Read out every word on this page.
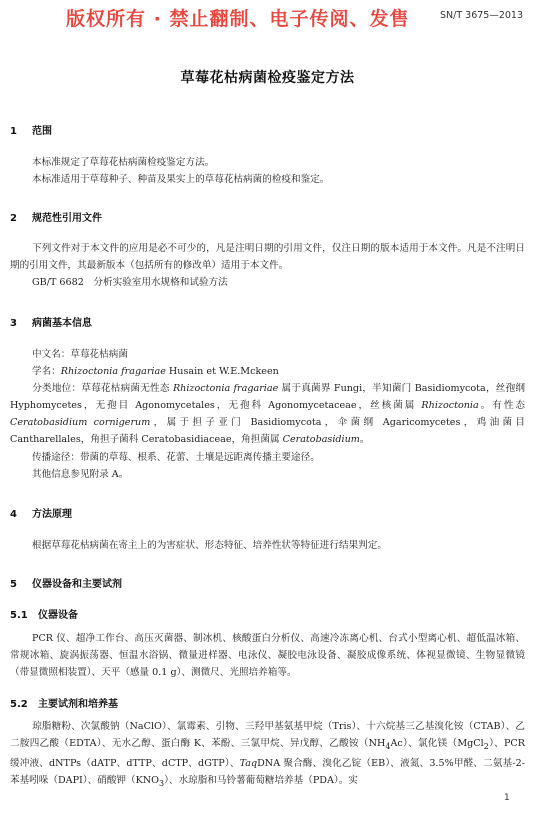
版权所有 · 禁止翻制、电子传阅、发售	SN/T 3675—2013
草莓花枯病菌检疫鉴定方法
1 范围
本标准规定了草莓花枯病菌检疫鉴定方法。
本标准适用于草莓种子、种苗及果实上的草莓花枯病菌的检疫和鉴定。
2 规范性引用文件
下列文件对于本文件的应用是必不可少的，凡是注明日期的引用文件，仅注日期的版本适用于本文件。凡是不注明日期的引用文件，其最新版本（包括所有的修改单）适用于本文件。
GB/T 6682　分析实验室用水规格和试验方法
3 病菌基本信息
中文名：草莓花枯病菌
学名：Rhizoctonia fragariae Husain et W.E.Mckeen
分类地位：草莓花枯病菌无性态 Rhizoctonia fragariae 属于真菌界 Fungi，半知菌门 Basidiomycota，丝孢纲 Hyphomycetes，无孢目 Agonomycetales，无孢科 Agonomycetaceae，丝核菌属 Rhizoctonia。有性态 Ceratobasidium cornigerum，属于担子亚门 Basidiomycota，伞菌纲 Agaricomycetes，鸡油菌目 Cantharellales，角担子菌科 Ceratobasidiaceae，角担菌属 Ceratobasidium。
传播途径：带菌的草莓、根系、花蕾、土壤是远距离传播主要途径。
其他信息参见附录 A。
4 方法原理
根据草莓花枯病菌在寄主上的为害症状、形态特征、培养性状等特征进行结果判定。
5 仪器设备和主要试剂
5.1 仪器设备
PCR 仪、超净工作台、高压灭菌器、制冰机、核酸蛋白分析仪、高速冷冻离心机、台式小型离心机、超低温冰箱、常规冰箱、旋涡振荡器、恒温水浴锅、微量进样器、电泳仪、凝胶电泳设备、凝胶成像系统、体视显微镜、生物显微镜（带显微照相装置）、天平（感量 0.1 g）、测微尺、光照培养箱等。
5.2 主要试剂和培养基
琼脂糖粉、次氯酸钠（NaClO）、氯霉素、引物、三羟甲基氨基甲烷（Tris）、十六烷基三乙基溴化铵（CTAB）、乙二胺四乙酸（EDTA）、无水乙醇、蛋白酶 K、苯酚、三氯甲烷、异戊醇、乙酸铵$(NH_4Ac)$、氯化镁（MgCl$_2$）、PCR 缓冲液、dNTPs（dATP、dTTP、dCTP、dGTP）、TaqDNA 聚合酶、溴化乙锭（EB）、液氮、3.5%甲醛、二氨基-2-苯基吲哚（DAPI）、硝酸钾$(KNO_3)$、水琼脂和马铃薯葡萄糖培养基（PDA）。实
1
